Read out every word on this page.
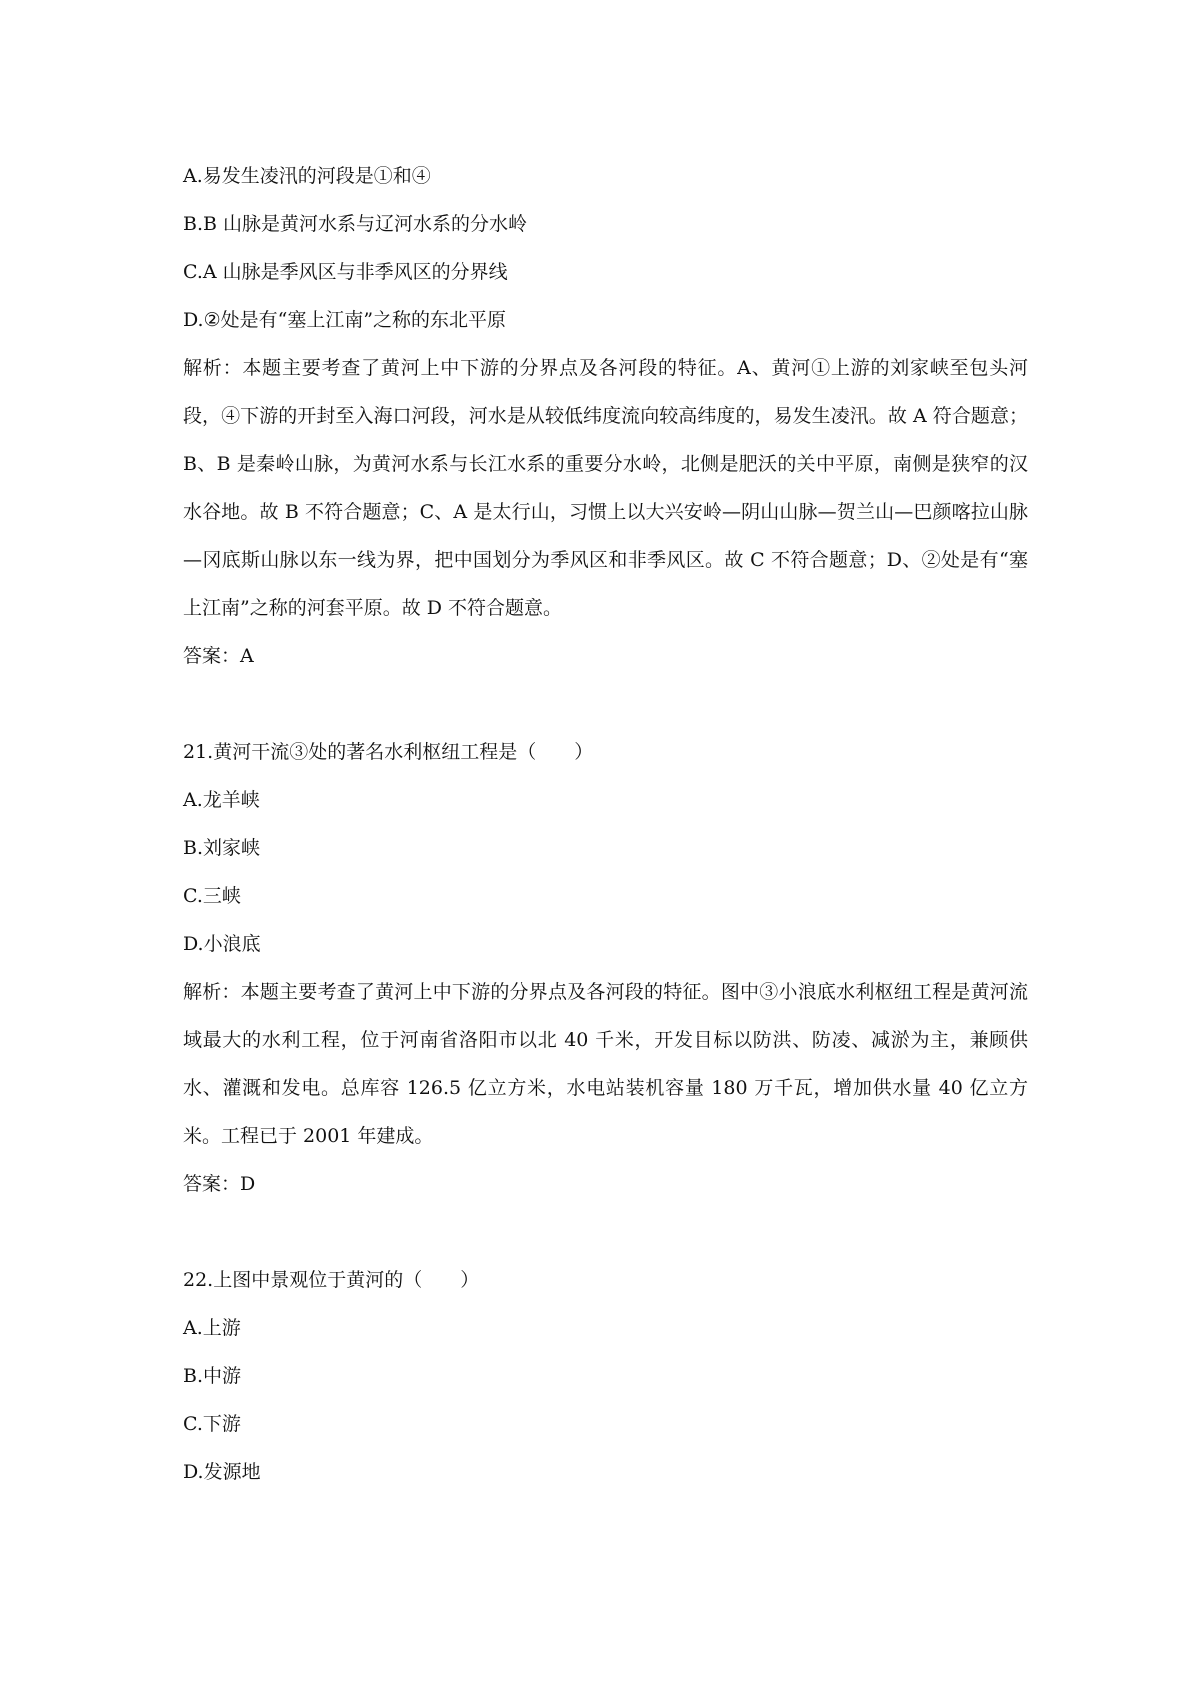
A.易发生凌汛的河段是①和④

B.B 山脉是黄河水系与辽河水系的分水岭

C.A 山脉是季风区与非季风区的分界线

D.②处是有“塞上江南”之称的东北平原

解析：本题主要考查了黄河上中下游的分界点及各河段的特征。A、黄河①上游的刘家峡至包头河段，④下游的开封至入海口河段，河水是从较低纬度流向较高纬度的，易发生凌汛。故 A 符合题意；B、B 是秦岭山脉，为黄河水系与长江水系的重要分水岭，北侧是肥沃的关中平原，南侧是狭窄的汉水谷地。故 B 不符合题意；C、A 是太行山，习惯上以大兴安岭—阴山山脉—贺兰山—巴颜喀拉山脉—冈底斯山脉以东一线为界，把中国划分为季风区和非季风区。故 C 不符合题意；D、②处是有“塞上江南”之称的河套平原。故 D 不符合题意。

答案：A

21.黄河干流③处的著名水利枢纽工程是（　　）

A.龙羊峡

B.刘家峡

C.三峡

D.小浪底

解析：本题主要考查了黄河上中下游的分界点及各河段的特征。图中③小浪底水利枢纽工程是黄河流域最大的水利工程，位于河南省洛阳市以北 40 千米，开发目标以防洪、防凌、减淤为主，兼顾供水、灌溉和发电。总库容 126.5 亿立方米，水电站装机容量 180 万千瓦，增加供水量 40 亿立方米。工程已于 2001 年建成。

答案：D

22.上图中景观位于黄河的（　　）

A.上游

B.中游

C.下游

D.发源地
